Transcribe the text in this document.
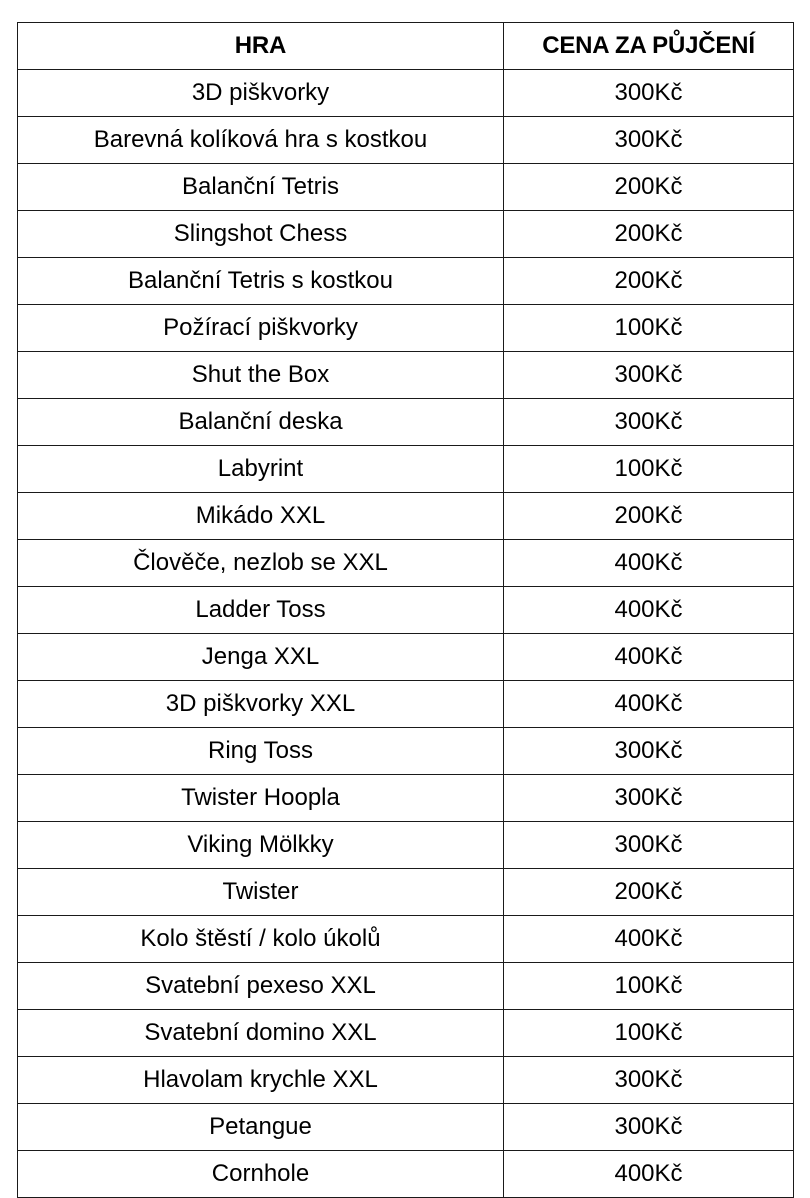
HRA	CENA ZA PŮJČENÍ
3D piškvorky	300Kč
Barevná kolíková hra s kostkou	300Kč
Balanční Tetris	200Kč
Slingshot Chess	200Kč
Balanční Tetris s kostkou	200Kč
Požírací piškvorky	100Kč
Shut the Box	300Kč
Balanční deska	300Kč
Labyrint	100Kč
Mikádo XXL	200Kč
Člověče, nezlob se XXL	400Kč
Ladder Toss	400Kč
Jenga XXL	400Kč
3D piškvorky XXL	400Kč
Ring Toss	300Kč
Twister Hoopla	300Kč
Viking Mölkky	300Kč
Twister	200Kč
Kolo štěstí / kolo úkolů	400Kč
Svatební pexeso XXL	100Kč
Svatební domino XXL	100Kč
Hlavolam krychle XXL	300Kč
Petangue	300Kč
Cornhole	400Kč
